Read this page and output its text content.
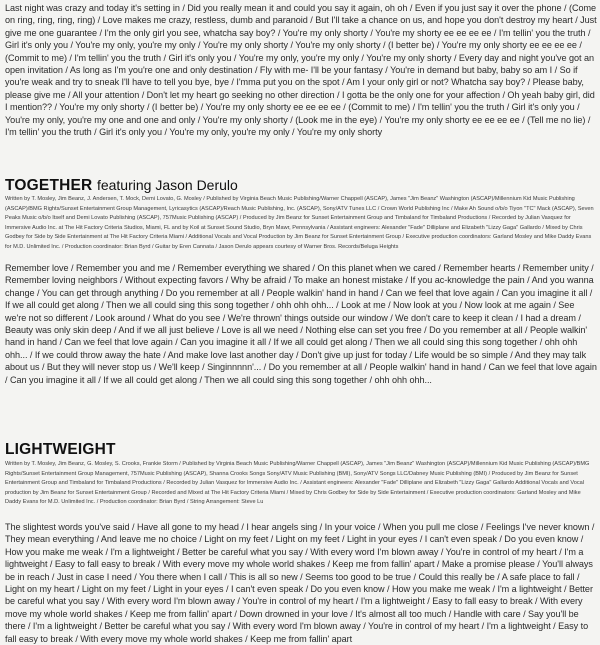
Last night was crazy and today it's setting in / Did you really mean it and could you say it again, oh oh / Even if you just say it over the phone / (Come on ring, ring, ring, ring) / Love makes me crazy, restless, dumb and paranoid / But I'll take a chance on us, and hope you don't destroy my heart / Just give me one guarantee / I'm the only girl you see, whatcha say boy? / You're my only shorty / You're my shorty ee ee ee ee / I'm tellin' you the truth / Girl it's only you / You're my only, you're my only / You're my only shorty / You're my only shorty / (I better be) / You're my only shorty ee ee ee ee / (Commit to me) / I'm tellin' you the truth / Girl it's only you / You're my only, you're my only / You're my only shorty / Every day and night you've got an open invitation / As long as I'm you're one and only destination / Fly with me- I'll be your fantasy / You're in demand but baby, baby so am I / So if you're weak and try to sneak I'll have to tell you bye, bye / I'mma put you on the spot / Am I your only girl or not? Whatcha say boy? / Please baby, please give me / All your attention / Don't let my heart go seeking no other direction / I gotta be the only one for your affection / Oh yeah baby girl, did I mention?? / You're my only shorty / (I better be) / You're my only shorty ee ee ee ee / (Commit to me) / I'm tellin' you the truth / Girl it's only you / You're my only, you're my one and one and only / You're my only shorty / (Look me in the eye) / You're my only shorty ee ee ee ee / (Tell me no lie) / I'm tellin' you the truth / Girl it's only you / You're my only, you're my only / You're my only shorty

TOGETHER featuring Jason Derulo

Written by T. Mosley, Jim Beanz, J. Andersen, T. Mock, Demi Lovato, G. Mosley / Published by Virginia Beach Music Publishing/Warner Chappell (ASCAP), James "Jim Beanz" Washington (ASCAP)/Millennium Kid Music Publishing (ASCAP)/BMG Rights/Sunset Entertainment Group Management, Lyricasytics (ASCAP)/Reach Music Publishing, Inc. (ASCAP), Sony/ATV Tunes LLC / Crown World Publishing Inc / Make Ah Sound o/b/o Tiyon "TC" Mack (ASCAP), Seven Peaks Music o/b/o Itself and Demi Lovato Publishing (ASCAP), 757Music Publishing (ASCAP) / Produced by Jim Beanz for Sunset Entertainment Group and Timbaland for Timbaland Productions / Recorded by Julian Vasquez for Immersive Audio Inc. at The Hit Factory Criteria Studios, Miami, FL and by Koil at Sunset Sound Studio, Bryn Mawr, Pennsylvania / Assistant engineers: Alexander "Fade" Dilliplane and Elizabeth "Lizzy Gaga" Gallardo / Mixed by Chris Godbey for Side by Side Entertainment at The Hit Factory Criteria Miami / Additional Vocals and Vocal Production by Jim Beanz for Sunset Entertainment Group / Executive production coordinators: Garland Mosley and Mike Daddy Evans for M.D. Unlimited Inc. / Production coordinator: Brian Byrd / Guitar by Eren Cannata / Jason Derulo appears courtesy of Warner Bros. Records/Beluga Heights

Remember love / Remember you and me / Remember everything we shared / On this planet when we cared / Remember hearts / Remember unity / Remember loving neighbors / Without expecting favors / Why be afraid / To make an honest mistake / If you ac-knowledge the pain / And you wanna change / You can get through anything / Do you remember at all / People walkin' hand in hand / Can we feel that love again / Can you imagine it all / If we all could get along / Then we all could sing this song together / ohh ohh ohh... / Look at me / Now look at you / Now look at me again / See we're not so different / Look around / What do you see / We're thrown' things outside our window / We don't care to keep it clean / I had a dream / Beauty was only skin deep / And if we all just believe / Love is all we need / Nothing else can set you free / Do you remember at all / People walkin' hand in hand / Can we feel that love again / Can you imagine it all / If we all could get along / Then we all could sing this song together / ohh ohh ohh... / If we could throw away the hate / And make love last another day / Don't give up just for today / Life would be so simple / And they may talk about us / But they will never stop us / We'll keep / Singinnnnn'... / Do you remember at all / People walkin' hand in hand / Can we feel that love again / Can you imagine it all / If we all could get along / Then we all could sing this song together / ohh ohh ohh...

LIGHTWEIGHT

Written by T. Mosley, Jim Beanz, G. Mosley, S. Crooks, Frankie Storm / Published by Virginia Beach Music Publishing/Warner Chappell (ASCAP), James "Jim Beanz" Washington (ASCAP)/Millennium Kid Music Publishing (ASCAP)/BMG Rights/Sunset Entertainment Group Management, 757Music Publishing (ASCAP), Shanna Crooks Songs Sony/ATV Music Publishing (BMI), Sony/ATV Songs LLC/Dabney Music Publishing (BMI) / Produced by Jim Beanz for Sunset Entertainment Group and Timbaland for Timbaland Productions / Recorded by Julian Vasquez for Immersive Audio Inc. / Assistant engineers: Alexander "Fade" Dilliplane and Elizabeth "Lizzy Gaga" Gallardo Additional Vocals and Vocal production by Jim Beanz for Sunset Entertainment Group / Recorded and Mixed at The Hit Factory Criteria Miami / Mixed by Chris Godbey for Side by Side Entertainment / Executive production coordinators: Garland Mosley and Mike Daddy Evans for M.D. Unlimited Inc. / Production coordinator: Brian Byrd / String Arrangement: Steve Lu

The slightest words you've said / Have all gone to my head / I hear angels sing / In your voice / When you pull me close / Feelings I've never known / They mean everything / And leave me no choice / Light on my feet / Light on my feet / Light in your eyes / I can't even speak / Do you even know / How you make me weak / I'm a lightweight / Better be careful what you say / With every word I'm blown away / You're in control of my heart / I'm a lightweight / Easy to fall easy to break / With every move my whole world shakes / Keep me from fallin' apart / Make a promise please / You'll always be in reach / Just in case I need / You there when I call / This is all so new / Seems too good to be true / Could this really be / A safe place to fall / Light on my heart / Light on my feet / Light in your eyes / I can't even speak / Do you even know / How you make me weak / I'm a lightweight / Better be careful what you say / With every word I'm blown away / You're in control of my heart / I'm a lightweight / Easy to fall easy to break / With every move my whole world shakes / Keep me from fallin' apart / Down drowned in your love / It's almost all too much / Handle with care / Say you'll be there / I'm a lightweight / Better be careful what you say / With every word I'm blown away / You're in control of my heart / I'm a lightweight / Easy to fall easy to break / With every move my whole world shakes / Keep me from fallin' apart
